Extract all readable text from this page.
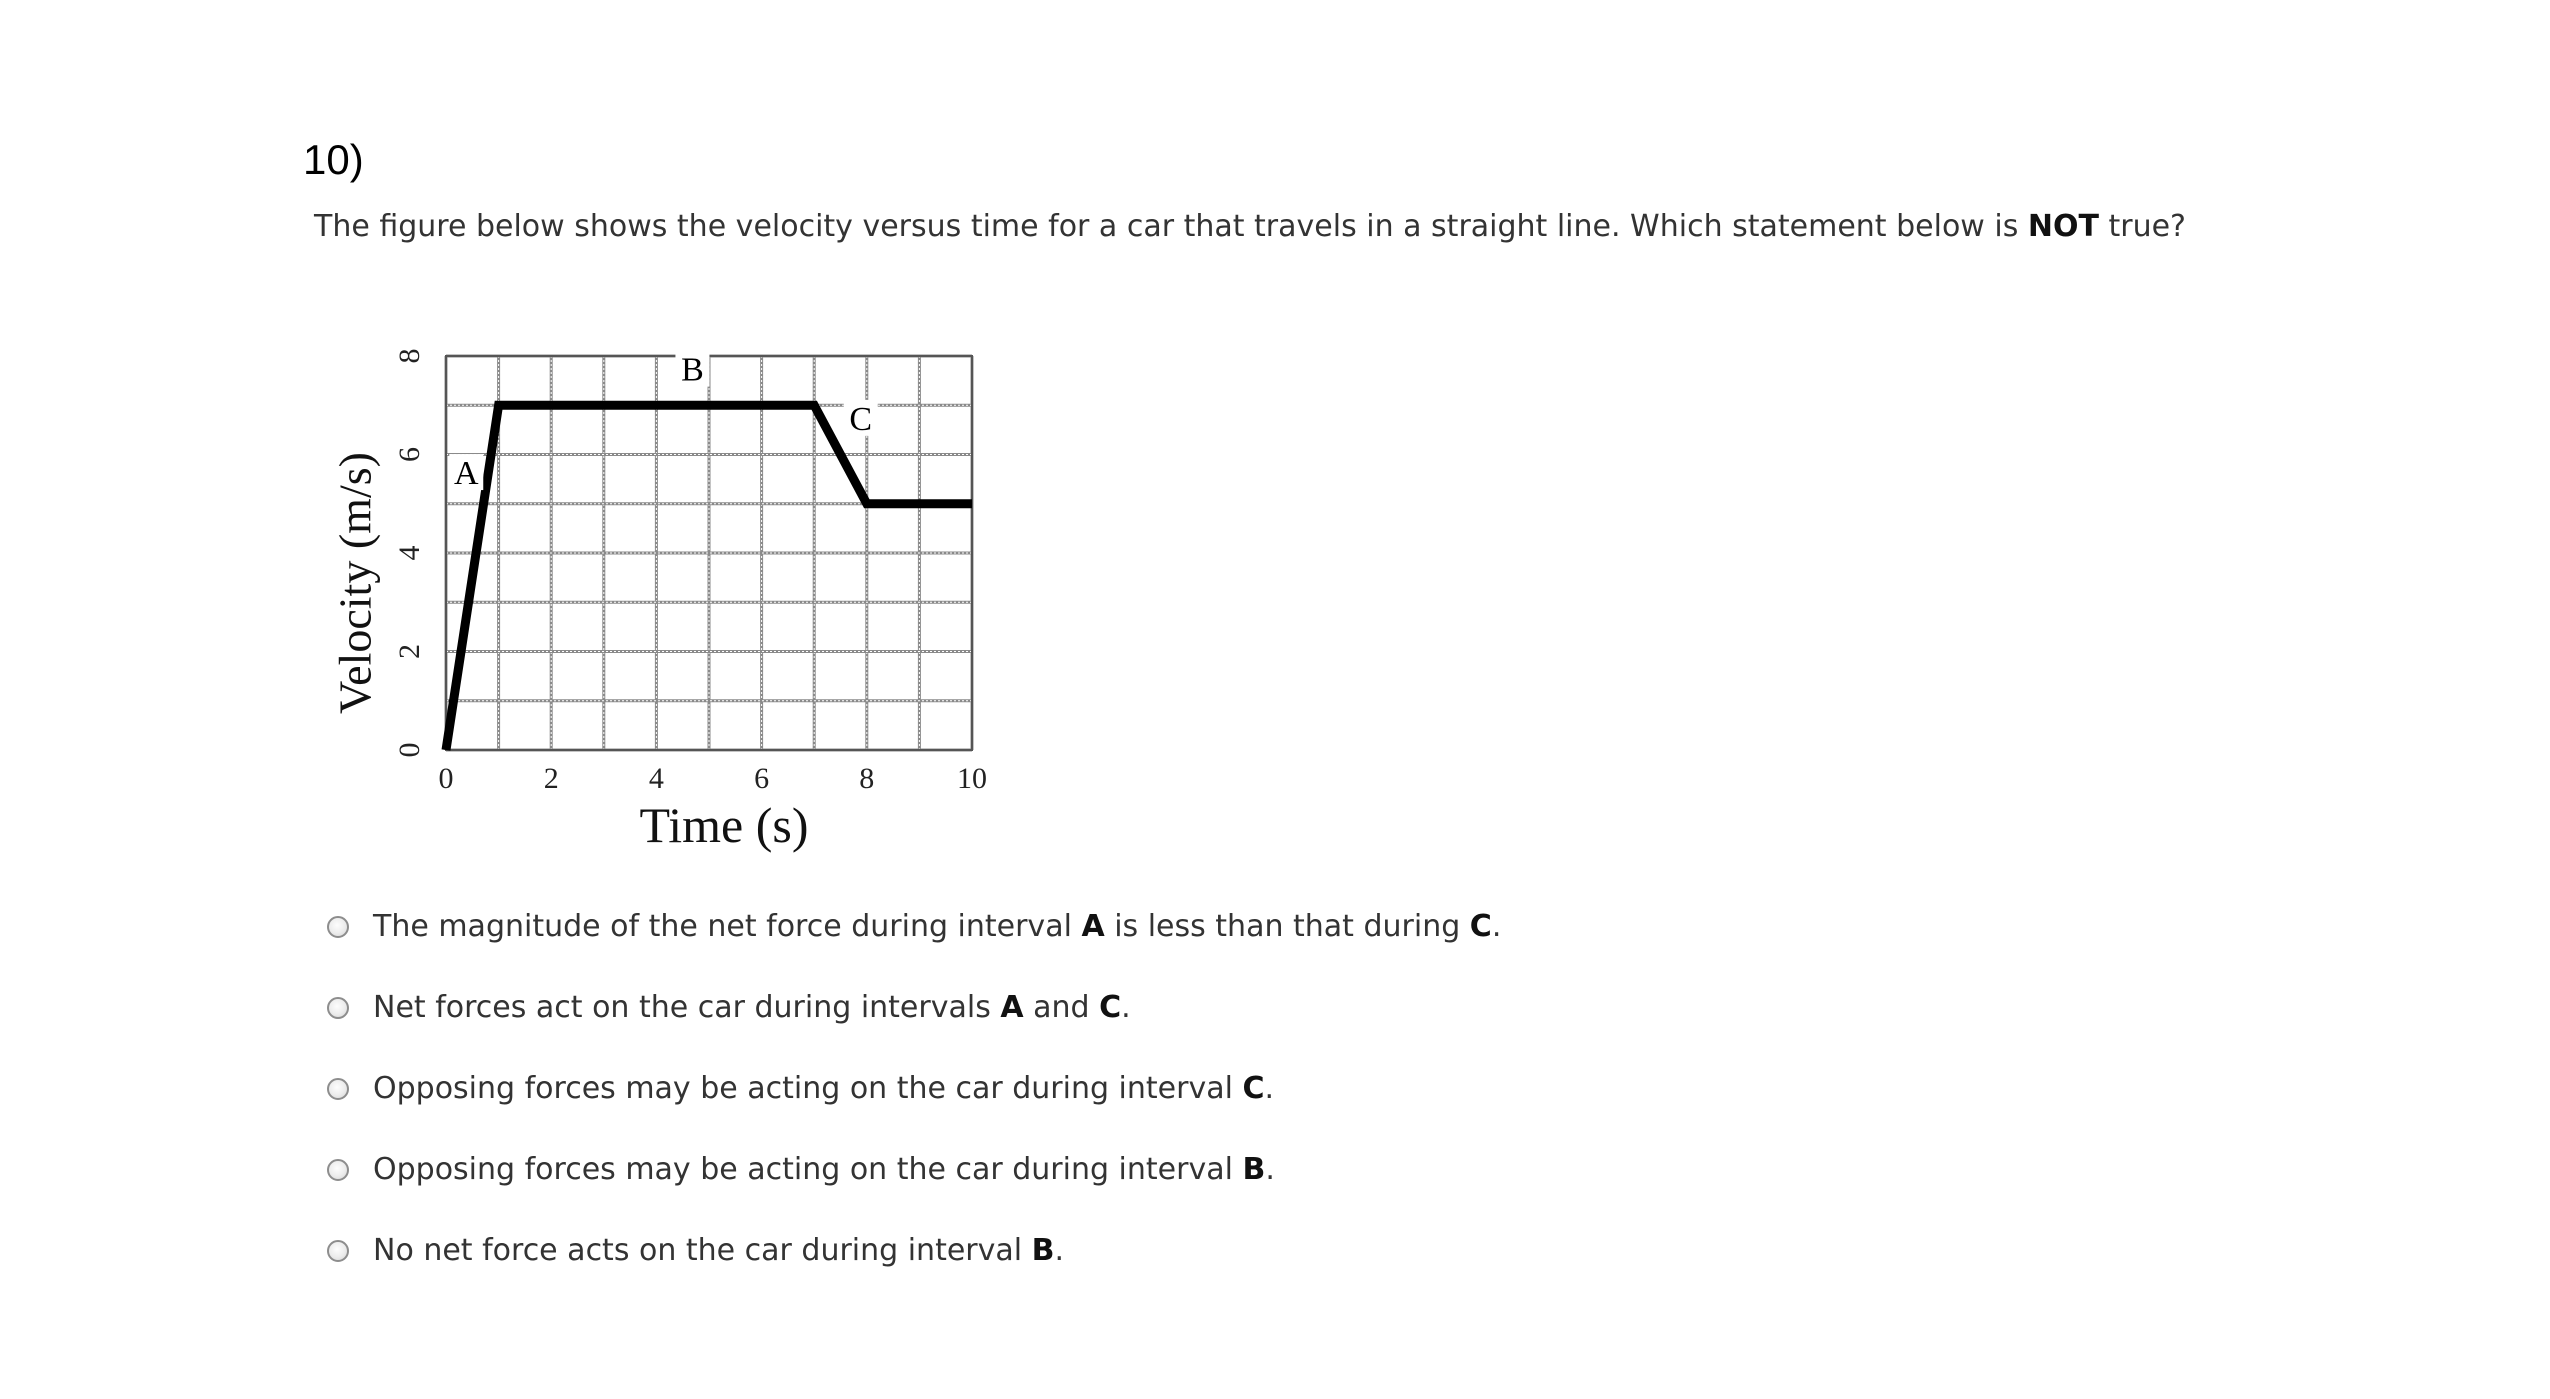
10)
The figure below shows the velocity versus time for a car that travels in a straight line. Which statement below is NOT true?
0	2	4	6	8	10
0
2
4
6
8
Time (s)
Velocity (m/s) A
B
C
The magnitude of the net force during interval A is less than that during C.
Net forces act on the car during intervals A and C.
Opposing forces may be acting on the car during interval C.
Opposing forces may be acting on the car during interval B.
No net force acts on the car during interval B.
